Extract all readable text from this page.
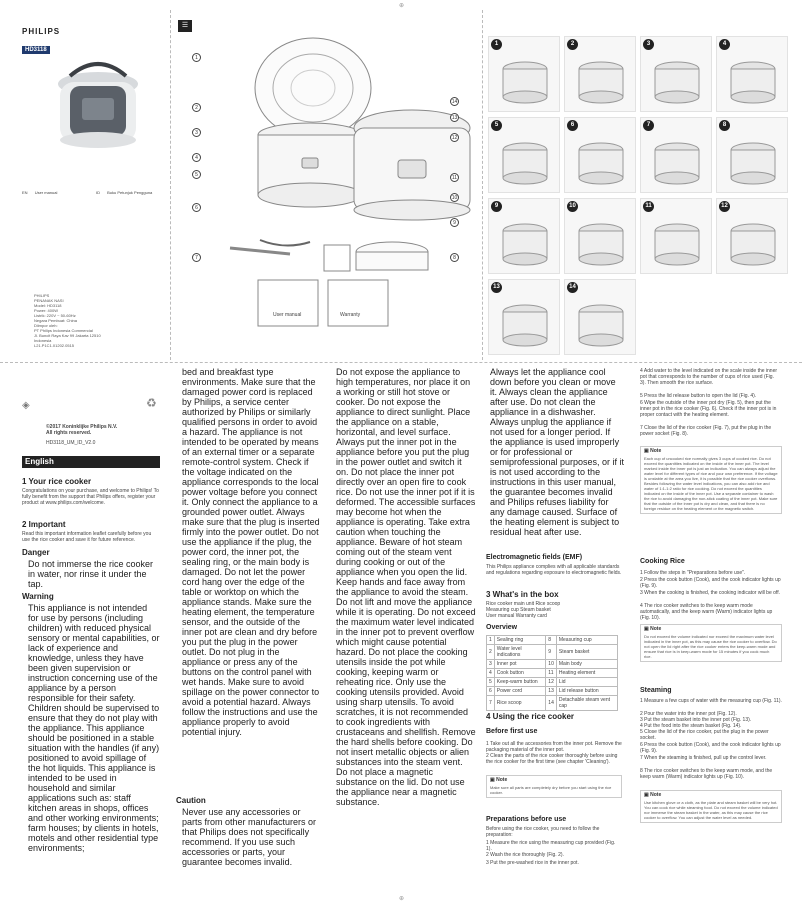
⊕
⊕
PHILIPS
HD3118
EN User manual	ID Buku Petunjuk Pengguna
PHILIPS
PENANAK NASI
Model: HD3118
Power: 400W
Listrik: 220V ~ 50-60Hz
Negara Pembuat: China
Diimpor oleh:
PT Philips Indonesia Commercial
Jl. Buncit Raya Kav 99 Jakarta 12510
Indonesia
L21.P1C1.01202.0515
☰
User manual	Warranty
1
2
3
4
5
6
7	8
9
10
11
12
13
14
1	2	3	4
5	6	7	8
9	10	11	12
13	14
◈	♻
©2017 Koninklijke Philips N.V.
All rights reserved.
HD3118_UM_ID_V2.0
English
1 Your rice cooker
Congratulations on your purchase, and welcome to Philips! To fully benefit from the support that Philips offers, register your product at www.philips.com/welcome.
2 Important
Read this important information leaflet carefully before you use the rice cooker and save it for future reference.
Danger

Do not immerse the rice cooker in water, nor rinse it under the tap.

Warning

This appliance is not intended for use by persons (including children) with reduced physical sensory or mental capabilities, or lack of experience and knowledge, unless they have been given supervision or instruction concerning use of the appliance by a person responsible for their safety. Children should be supervised to ensure that they do not play with the appliance. This appliance should be positioned in a stable situation with the handles (if any) positioned to avoid spillage of the hot liquids. This appliance is intended to be used in household and similar applications such as: staff kitchen areas in shops, offices and other working environments; farm houses; by clients in hotels, motels and other residential type environments;

bed and breakfast type environments. Make sure that the damaged power cord is replaced by Philips, a service center authorized by Philips or similarly qualified persons in order to avoid a hazard. The appliance is not intended to be operated by means of an external timer or a separate remote-control system. Check if the voltage indicated on the appliance corresponds to the local power voltage before you connect it. Only connect the appliance to a grounded power outlet. Always make sure that the plug is inserted firmly into the power outlet. Do not use the appliance if the plug, the power cord, the inner pot, the sealing ring, or the main body is damaged. Do not let the power cord hang over the edge of the table or worktop on which the appliance stands. Make sure the heating element, the temperature sensor, and the outside of the inner pot are clean and dry before you put the plug in the power outlet. Do not plug in the appliance or press any of the buttons on the control panel with wet hands. Make sure to avoid spillage on the power connector to avoid a potential hazard. Always follow the instructions and use the appliance properly to avoid potential injury.

Caution

Never use any accessories or parts from other manufacturers or that Philips does not specifically recommend. If you use such accessories or parts, your guarantee becomes invalid.

Do not expose the appliance to high temperatures, nor place it on a working or still hot stove or cooker. Do not expose the appliance to direct sunlight. Place the appliance on a stable, horizontal, and level surface. Always put the inner pot in the appliance before you put the plug in the power outlet and switch it on. Do not place the inner pot directly over an open fire to cook rice. Do not use the inner pot if it is deformed. The accessible surfaces may become hot when the appliance is operating. Take extra caution when touching the appliance. Beware of hot steam coming out of the steam vent during cooking or out of the appliance when you open the lid. Keep hands and face away from the appliance to avoid the steam. Do not lift and move the appliance while it is operating. Do not exceed the maximum water level indicated in the inner pot to prevent overflow which might cause potential hazard. Do not place the cooking utensils inside the pot while cooking, keeping warm or reheating rice. Only use the cooking utensils provided. Avoid using sharp utensils. To avoid scratches, it is not recommended to cook ingredients with crustaceans and shellfish. Remove the hard shells before cooking. Do not insert metallic objects or alien substances into the steam vent. Do not place a magnetic substance on the lid. Do not use the appliance near a magnetic substance.

Always let the appliance cool down before you clean or move it. Always clean the appliance after use. Do not clean the appliance in a dishwasher. Always unplug the appliance if not used for a longer period. If the appliance is used improperly or for professional or semiprofessional purposes, or if it is not used according to the instructions in this user manual, the guarantee becomes invalid and Philips refuses liability for any damage caused. Surface of the heating element is subject to residual heat after use.

Electromagnetic fields (EMF)
This Philips appliance complies with all applicable standards and regulations regarding exposure to electromagnetic fields.
3 What's in the box
Rice cooker main unit Rice scoop
Measuring cup Steam basket
User manual Warranty card
Overview
1	Sealing ring	8	Measuring cup
2	Water level indications	9	Steam basket
3	Inner pot	10	Main body
4	Cook button	11	Heating element
5	Keep-warm button	12	Lid
6	Power cord	13	Lid release button
7	Rice scoop	14	Detachable steam vent cap
4 Using the rice cooker
Before first use
1 Take out all the accessories from the inner pot. Remove the packaging material of the inner pot.
2 Clean the parts of the rice cooker thoroughly before using the rice cooker for the first time (see chapter 'Cleaning').
▣ Note
Make sure all parts are completely dry before you start using the rice cooker.
Preparations before use
Before using the rice cooker, you need to follow the preparation:
1 Measure the rice using the measuring cup provided (Fig. 1).
2 Wash the rice thoroughly (Fig. 2).
3 Put the pre-washed rice in the inner pot.
4 Add water to the level indicated on the scale inside the inner pot that corresponds to the number of cups of rice used (Fig. 3). Then smooth the rice surface.
5 Press the lid release button to open the lid (Fig. 4).
6 Wipe the outside of the inner pot dry (Fig. 5), then put the inner pot in the rice cooker (Fig. 6). Check if the inner pot is in proper contact with the heating element.
7 Close the lid of the rice cooker (Fig. 7), put the plug in the power socket (Fig. 8).
▣ Note
Each cup of uncooked rice normally gives 3 cups of cooked rice. Do not exceed the quantities indicated on the inside of the inner pot. The level marked inside the inner pot is just an indication. You can always adjust the water level for different types of rice and your own preference. If the voltage is unstable at the area you live, it is possible that the rice cooker overflows. Besides following the water level indications, you can also add rice and water of 1:1-1:2 ratio for rice cooking. Do not exceed the quantities indicated on the inside of the inner pot. Use a separate container to wash the rice to avoid damaging the non-stick coating of the inner pot. Make sure that the outside of the inner pot is dry and clean, and that there is no foreign residue on the heating element or the magnetic switch.
Cooking Rice
1 Follow the steps in "Preparations before use".
2 Press the cook button (Cook), and the cook indicator lights up (Fig. 9).
3 When the cooking is finished, the cooking indicator will be off.
4 The rice cooker switches to the keep warm mode automatically, and the keep warm (Warm) indicator lights up (Fig. 10).
▣ Note
Do not exceed the volume indicated nor exceed the maximum water level indicated in the inner pot, as this may cause the rice cooker to overflow. Do not open the lid right after the rice cooker enters the keep-warm mode and ensure that rice is in keep-warm mode for 15 minutes if you cook much rice.
Steaming
1 Measure a few cups of water with the measuring cup (Fig. 11).
2 Pour the water into the inner pot (Fig. 12).
3 Put the steam basket into the inner pot (Fig. 13).
4 Put the food into the steam basket (Fig. 14).
5 Close the lid of the rice cooker, put the plug in the power socket.
6 Press the cook button (Cook), and the cook indicator lights up (Fig. 9).
7 When the steaming is finished, pull up the control lever.
8 The rice cooker switches to the keep warm mode, and the keep warm (Warm) indicator lights up (Fig. 10).
▣ Note
Use kitchen glove or a cloth, as the plate and steam basket will be very hot. You can cook rice while steaming food. Do not exceed the volume indicated nor immerse the steam basket in the water, as this may cause the rice cooker to overflow. You can adjust the water level as needed.
